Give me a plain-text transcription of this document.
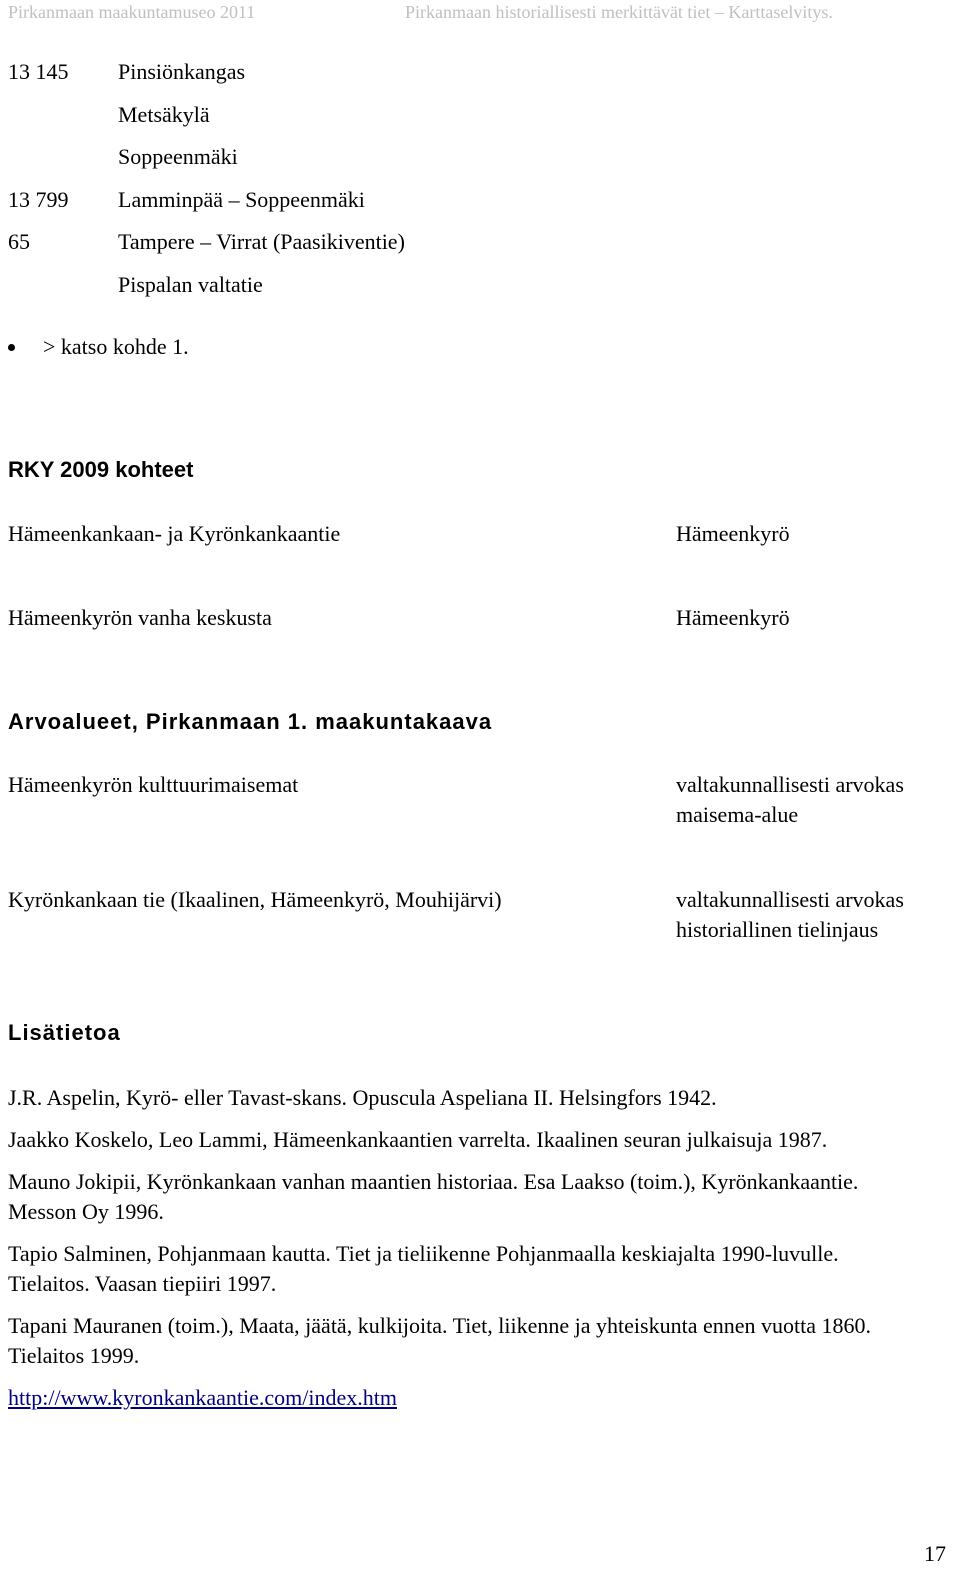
Pirkanmaan maakuntamuseo 2011	Pirkanmaan historiallisesti merkittävät tiet – Karttaselvitys.
13 145 Pinsiönkangas
Metsäkylä
Soppeenmäki
13 799 Lamminpää – Soppeenmäki
65	Tampere – Virrat (Paasikiventie)
Pispalan valtatie
> katso kohde 1.
RKY 2009 kohteet
Hämeenkankaan- ja Kyrönkankaantie	Hämeenkyrö
Hämeenkyrön vanha keskusta	Hämeenkyrö
Arvoalueet, Pirkanmaan 1. maakuntakaava
Hämeenkyrön kulttuurimaisemat	valtakunnallisesti arvokas maisema-alue
Kyrönkankaan tie (Ikaalinen, Hämeenkyrö, Mouhijärvi)	valtakunnallisesti arvokas historiallinen tielinjaus
Lisätietoa

J.R. Aspelin, Kyrö- eller Tavast-skans. Opuscula Aspeliana II. Helsingfors 1942.

Jaakko Koskelo, Leo Lammi, Hämeenkankaantien varrelta. Ikaalinen seuran julkaisuja 1987.

Mauno Jokipii, Kyrönkankaan vanhan maantien historiaa. Esa Laakso (toim.), Kyrönkankaantie. Messon Oy 1996.

Tapio Salminen, Pohjanmaan kautta. Tiet ja tieliikenne Pohjanmaalla keskiajalta 1990-luvulle. Tielaitos. Vaasan tiepiiri 1997.

Tapani Mauranen (toim.), Maata, jäätä, kulkijoita. Tiet, liikenne ja yhteiskunta ennen vuotta 1860. Tielaitos 1999.

http://www.kyronkankaantie.com/index.htm

17
